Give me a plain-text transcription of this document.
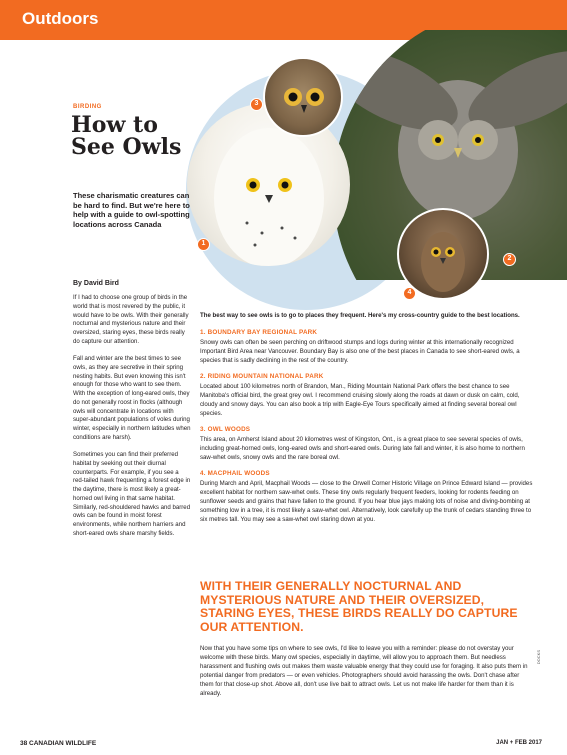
Outdoors
1
2
3
4
BIRDING
How to See Owls
These charismatic creatures can be hard to find. But we're here to help with a guide to owl-spotting locations across Canada
By David Bird

If I had to choose one group of birds in the world that is most revered by the public, it would have to be owls. With their generally nocturnal and mysterious nature and their oversized, staring eyes, these birds really do capture our attention.

Fall and winter are the best times to see owls, as they are secretive in their spring nesting habits. But even knowing this isn't enough for those who want to see them. With the exception of long-eared owls, they do not generally roost in flocks (although owls will concentrate in locations with super-abundant populations of voles during winter, especially in northern latitudes when conditions are harsh).

Sometimes you can find their preferred habitat by seeking out their diurnal counterparts. For example, if you see a red-tailed hawk frequenting a forest edge in the daytime, there is most likely a great-horned owl living in that same habitat. Similarly, red-shouldered hawks and barred owls can be found in moist forest environments, while northern harriers and short-eared owls share marshy fields.

The best way to see owls is to go to places they frequent. Here's my cross-country guide to the best locations.

1. BOUNDARY BAY REGIONAL PARK

Snowy owls can often be seen perching on driftwood stumps and logs during winter at this internationally recognized Important Bird Area near Vancouver. Boundary Bay is also one of the best places in Canada to see short-eared owls, a species that is sadly declining in the rest of the country.

2. RIDING MOUNTAIN NATIONAL PARK

Located about 100 kilometres north of Brandon, Man., Riding Mountain National Park offers the best chance to see Manitoba's official bird, the great grey owl. I recommend cruising slowly along the roads at dawn or dusk on calm, cold, cloudy and snowy days. You can also book a trip with Eagle-Eye Tours specifically aimed at finding several boreal owl species.

3. OWL WOODS

This area, on Amherst Island about 20 kilometres west of Kingston, Ont., is a great place to see several species of owls, including great-horned owls, long-eared owls and short-eared owls. During late fall and winter, it is also home to northern saw-whet owls, snowy owls and the rare boreal owl.

4. MACPHAIL WOODS

During March and April, Macphail Woods — close to the Orwell Corner Historic Village on Prince Edward Island — provides excellent habitat for northern saw-whet owls. These tiny owls regularly frequent feeders, looking for rodents feeding on sunflower seeds and grains that have fallen to the ground. If you hear blue jays making lots of noise and diving-bombing at something low in a tree, it is most likely a saw-whet owl. Alternatively, look carefully up the trunk of cedars standing three to six metres tall. You may see a saw-whet owl staring down at you.

WITH THEIR GENERALLY NOCTURNAL AND MYSTERIOUS NATURE AND THEIR OVERSIZED, STARING EYES, THESE BIRDS REALLY DO CAPTURE OUR ATTENTION.

Now that you have some tips on where to see owls, I'd like to leave you with a reminder: please do not overstay your welcome with these birds. Many owl species, especially in daytime, will allow you to approach them. But needless harassment and flushing owls out makes them waste valuable energy that they could use for foraging. It also puts them in potential danger from predators — or even vehicles. Photographers should avoid harassing the owls. Don't chase after them for that close-up shot. Above all, don't use live bait to attract owls. Let us not make life harder for them than it is already.

DOCKS
38 CANADIAN WILDLIFE	JAN + FEB 2017
